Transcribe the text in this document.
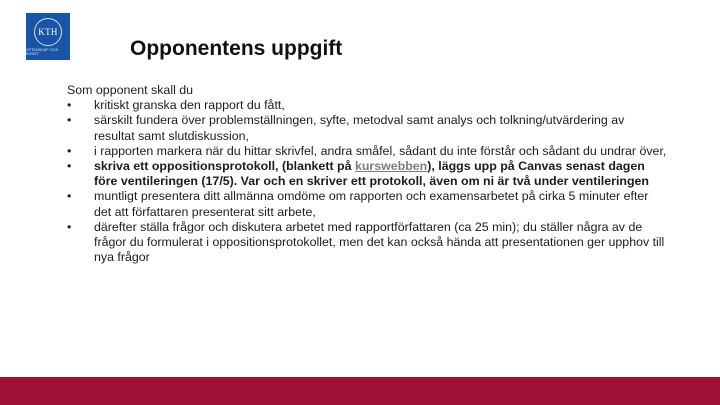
KTH
VETENSKAP OCH KONST	Opponentens uppgift

Som opponent skall du

• kritiskt granska den rapport du fått,
• särskilt fundera över problemställningen, syfte, metodval samt analys och tolkning/utvärdering av resultat samt slutdiskussion,
• i rapporten markera när du hittar skrivfel, andra småfel, sådant du inte förstår och sådant du undrar över,
• skriva ett oppositionsprotokoll, (blankett på kurswebben), läggs upp på Canvas senast dagen före ventileringen (17/5). Var och en skriver ett protokoll, även om ni är två under ventileringen
• muntligt presentera ditt allmänna omdöme om rapporten och examensarbetet på cirka 5 minuter efter det att författaren presenterat sitt arbete,
• därefter ställa frågor och diskutera arbetet med rapportförfattaren (ca 25 min); du ställer några av de frågor du formulerat i oppositionsprotokollet, men det kan också hända att presentationen ger upphov till nya frågor
